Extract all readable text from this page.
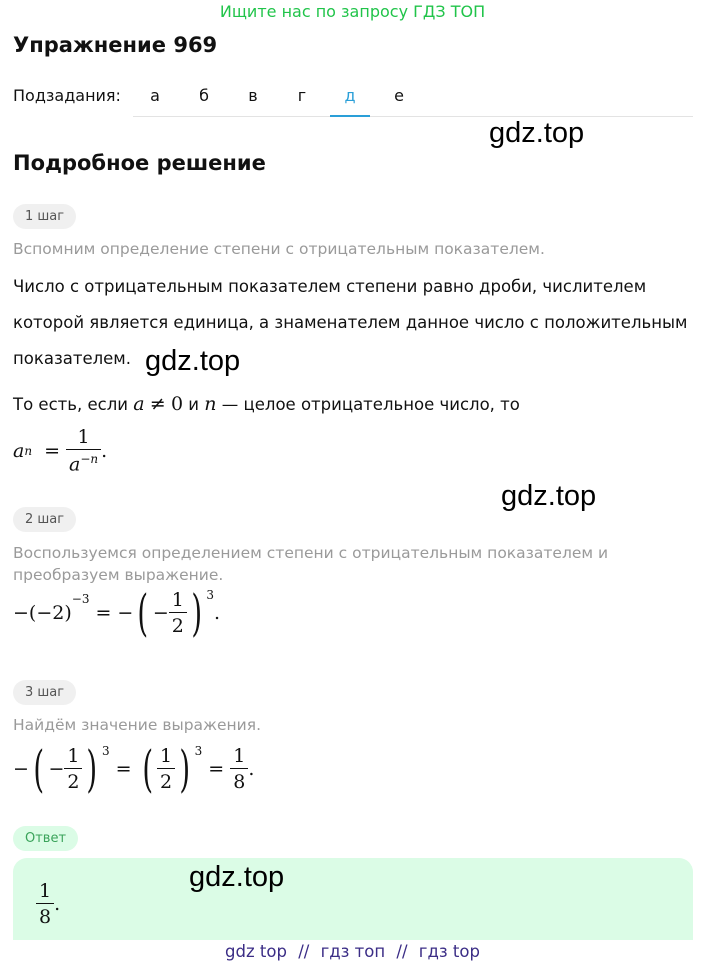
Ищите нас по запросу ГДЗ ТОП
Упражнение 969
Подзадания:	а	б	в	г	д	е
gdz.top
Подробное решение
1 шаг
Вспомним определение степени с отрицательным показателем.
Число с отрицательным показателем степени равно дроби, числителем
которой является единица, а знаменателем данное число с положительным
показателем. gdz.top
То есть, если a ≠ 0 и n — целое отрицательное число, то
a $n = \frac{1}{a^{-n}}$ .
gdz.top
2 шаг
Воспользуемся определением степени с отрицательным показателем и преобразуем выражение.
−(−2)
$^{-3}$
= − ( − $\frac{1}{2}$ ) $^3$
.
3 шаг
Найдём значение выражения.
− ( − $\frac{1}{2}$ ) $^3$
= ( $\frac{1}{2}$ ) $^3$
= $\frac{1}{8}$ .
Ответ
$\frac{1}{8}$ .
gdz.top
gdz top // гдз топ // гдз top
